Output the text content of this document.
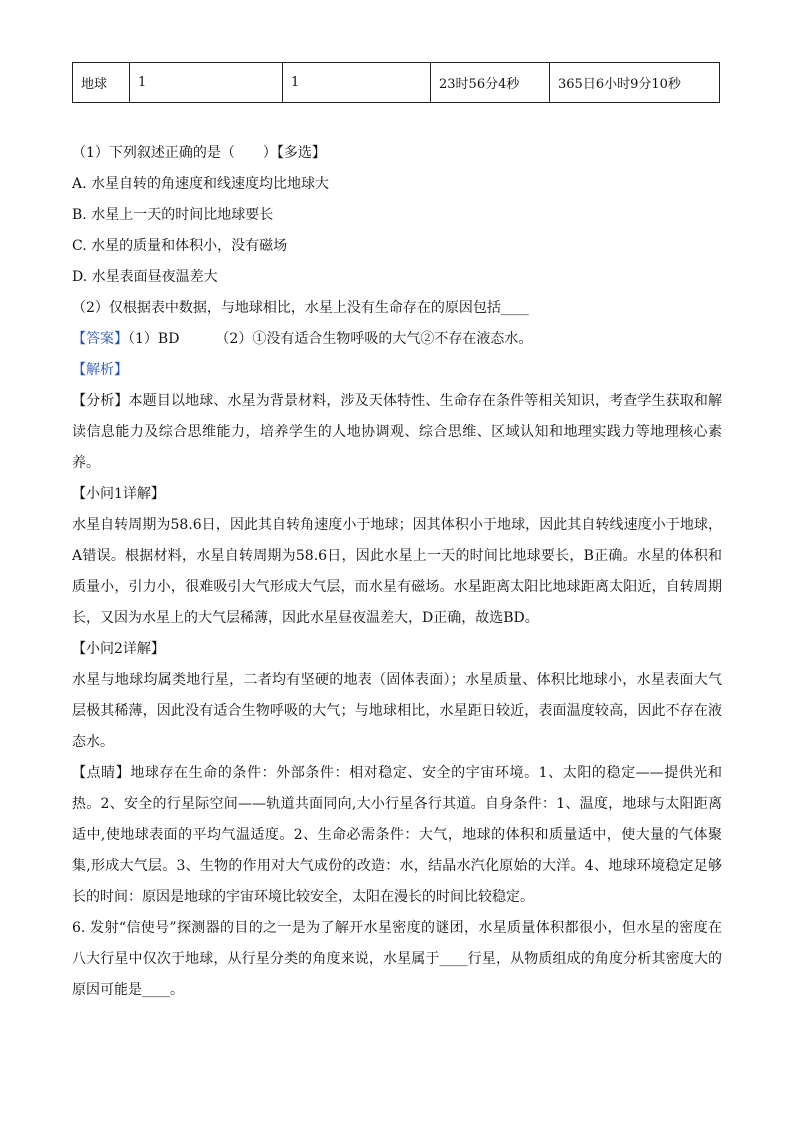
地球	1	1	23时56分4秒	365日6小时9分10秒

（1）下列叙述正确的是（　　）【多选】

A. 水星自转的角速度和线速度均比地球大

B. 水星上一天的时间比地球要长

C. 水星的质量和体积小，没有磁场

D. 水星表面昼夜温差大

（2）仅根据表中数据，与地球相比，水星上没有生命存在的原因包括____

【答案】（1）BD	（2）①没有适合生物呼吸的大气②不存在液态水。

【解析】

【分析】本题目以地球、水星为背景材料，涉及天体特性、生命存在条件等相关知识，考查学生获取和解

读信息能力及综合思维能力，培养学生的人地协调观、综合思维、区域认知和地理实践力等地理核心素

养。

【小问1详解】

水星自转周期为58.6日，因此其自转角速度小于地球；因其体积小于地球，因此其自转线速度小于地球，

A错误。根据材料，水星自转周期为58.6日，因此水星上一天的时间比地球要长，B正确。水星的体积和

质量小，引力小，很难吸引大气形成大气层，而水星有磁场。水星距离太阳比地球距离太阳近，自转周期

长，又因为水星上的大气层稀薄，因此水星昼夜温差大，D正确，故选BD。

【小问2详解】

水星与地球均属类地行星，二者均有坚硬的地表（固体表面）；水星质量、体积比地球小，水星表面大气

层极其稀薄，因此没有适合生物呼吸的大气；与地球相比，水星距日较近，表面温度较高，因此不存在液

态水。

【点睛】地球存在生命的条件：外部条件：相对稳定、安全的宇宙环境。1、太阳的稳定——提供光和

热。2、安全的行星际空间——轨道共面同向,大小行星各行其道。自身条件：1、温度，地球与太阳距离

适中,使地球表面的平均气温适度。2、生命必需条件：大气，地球的体积和质量适中，使大量的气体聚

集,形成大气层。3、生物的作用对大气成份的改造：水，结晶水汽化原始的大洋。4、地球环境稳定足够

长的时间：原因是地球的宇宙环境比较安全，太阳在漫长的时间比较稳定。

6. 发射“信使号”探测器的目的之一是为了解开水星密度的谜团，水星质量体积都很小，但水星的密度在

八大行星中仅次于地球，从行星分类的角度来说，水星属于____行星，从物质组成的角度分析其密度大的

原因可能是____。
